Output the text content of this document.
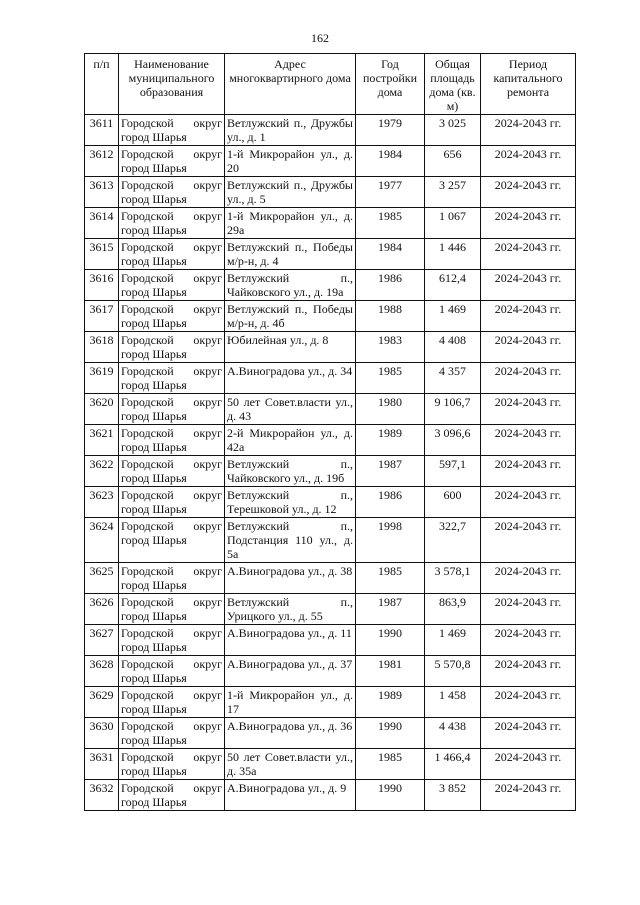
162
п/п	Наименование муниципального образования	Адрес многоквартирного дома	Год постройки дома	Общая площадь дома (кв. м)	Период капитального ремонта
3611	Городской округ город Шарья	Ветлужский п., Дружбы ул., д. 1	1979	3 025	2024-2043 гг.
3612	Городской округ город Шарья	1-й Микрорайон ул., д. 20	1984	656	2024-2043 гг.
3613	Городской округ город Шарья	Ветлужский п., Дружбы ул., д. 5	1977	3 257	2024-2043 гг.
3614	Городской округ город Шарья	1-й Микрорайон ул., д. 29а	1985	1 067	2024-2043 гг.
3615	Городской округ город Шарья	Ветлужский п., Победы м/р-н, д. 4	1984	1 446	2024-2043 гг.
3616	Городской округ город Шарья	Ветлужский п., Чайковского ул., д. 19а	1986	612,4	2024-2043 гг.
3617	Городской округ город Шарья	Ветлужский п., Победы м/р-н, д. 4б	1988	1 469	2024-2043 гг.
3618	Городской округ город Шарья	Юбилейная ул., д. 8	1983	4 408	2024-2043 гг.
3619	Городской округ город Шарья	А.Виноградова ул., д. 34	1985	4 357	2024-2043 гг.
3620	Городской округ город Шарья	50 лет Совет.власти ул., д. 43	1980	9 106,7	2024-2043 гг.
3621	Городской округ город Шарья	2-й Микрорайон ул., д. 42а	1989	3 096,6	2024-2043 гг.
3622	Городской округ город Шарья	Ветлужский п., Чайковского ул., д. 19б	1987	597,1	2024-2043 гг.
3623	Городской округ город Шарья	Ветлужский п., Терешковой ул., д. 12	1986	600	2024-2043 гг.
3624	Городской округ город Шарья	Ветлужский п., Подстанция 110 ул., д. 5а	1998	322,7	2024-2043 гг.
3625	Городской округ город Шарья	А.Виноградова ул., д. 38	1985	3 578,1	2024-2043 гг.
3626	Городской округ город Шарья	Ветлужский п., Урицкого ул., д. 55	1987	863,9	2024-2043 гг.
3627	Городской округ город Шарья	А.Виноградова ул., д. 11	1990	1 469	2024-2043 гг.
3628	Городской округ город Шарья	А.Виноградова ул., д. 37	1981	5 570,8	2024-2043 гг.
3629	Городской округ город Шарья	1-й Микрорайон ул., д. 17	1989	1 458	2024-2043 гг.
3630	Городской округ город Шарья	А.Виноградова ул., д. 36	1990	4 438	2024-2043 гг.
3631	Городской округ город Шарья	50 лет Совет.власти ул., д. 35а	1985	1 466,4	2024-2043 гг.
3632	Городской округ город Шарья	А.Виноградова ул., д. 9	1990	3 852	2024-2043 гг.
